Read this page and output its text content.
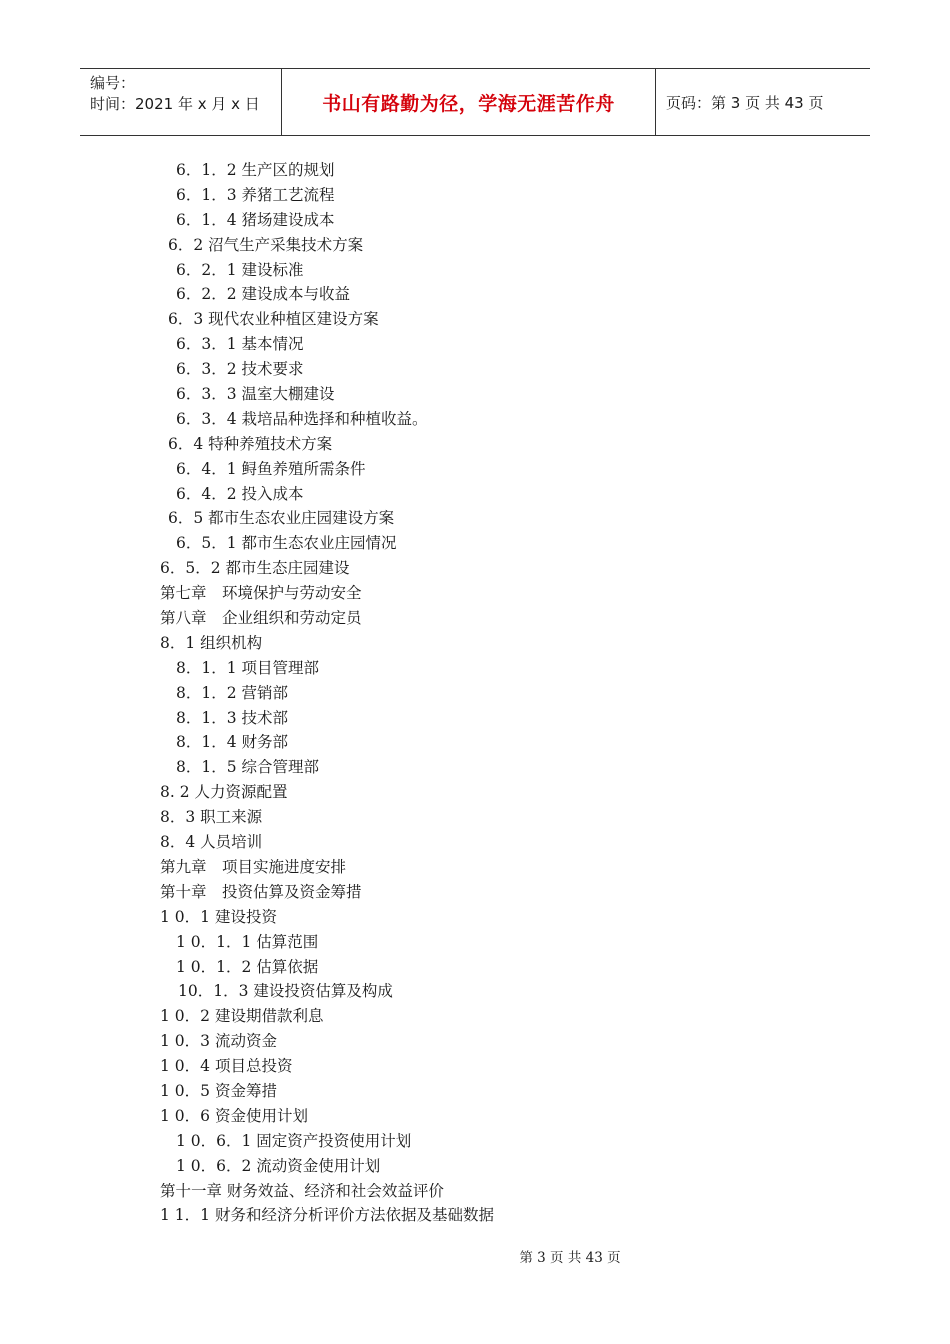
编号：
时间：2021 年 x 月 x 日	书山有路勤为径，学海无涯苦作舟	页码：第 3 页 共 43 页
6．1．2 生产区的规划
6．1．3 养猪工艺流程
6．1．4 猪场建设成本
6．2 沼气生产采集技术方案
6．2．1 建设标准
6．2．2 建设成本与收益
6．3 现代农业种植区建设方案
6．3．1 基本情况
6．3．2 技术要求
6．3．3 温室大棚建设
6．3．4 栽培品种选择和种植收益。
6．4 特种养殖技术方案
6．4．1 鲟鱼养殖所需条件
6．4．2 投入成本
6．5 都市生态农业庄园建设方案
6．5．1 都市生态农业庄园情况
6．5．2 都市生态庄园建设
第七章　环境保护与劳动安全
第八章　企业组织和劳动定员
8．1 组织机构
8．1．1 项目管理部
8．1．2 营销部
8．1．3 技术部
8．1．4 财务部
8．1．5 综合管理部
8. 2 人力资源配置
8．3 职工来源
8．4 人员培训
第九章　项目实施进度安排
第十章　投资估算及资金筹措
1 0．1 建设投资
1 0．1．1 估算范围
1 0．1．2 估算依据
10．1．3 建设投资估算及构成
1 0．2 建设期借款利息
1 0．3 流动资金
1 0．4 项目总投资
1 0．5 资金筹措
1 0．6 资金使用计划
1 0．6．1 固定资产投资使用计划
1 0．6．2 流动资金使用计划
第十一章 财务效益、经济和社会效益评价
1 1．1 财务和经济分析评价方法依据及基础数据
第 3 页 共 43 页
